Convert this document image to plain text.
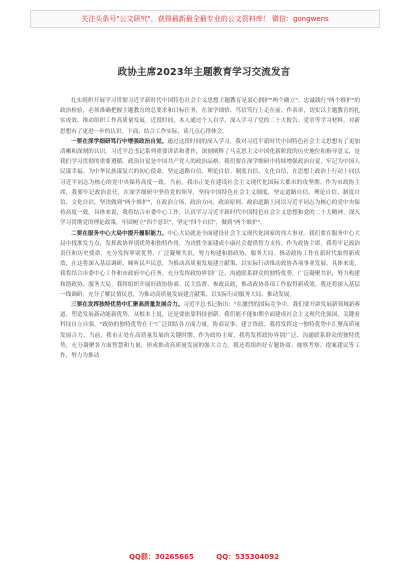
关注头条号"公文研究"，获得最新最全最专业的公文资料库！ 微信：gongwens
政协主席2023年主题教育学习交流发言

扎实组织开展学习贯彻习近平新时代中国特色社会主义思想主题教育是衷心拥护"两个确立"、忠诚践行"两个维护"的政治检验，必须准确把握主题教育的总要求和目标任务，在深学细悟、笃信笃行上走在前。作表率，切实以主题教育的扎实成效，推动组织工作高质量发展。近段时间，本人通过个人自学，深入学习了党的二十大报告、党章等学习材料，对新思想有了更进一步的认识。下面，结合工作实际，谈几点心得体会。

一要在深学细研笃行中增强政治自觉。通过这段时间的深入学习，我对习近平新时代中国特色社会主义思想有了更加清晰和深刻的认识。习近平总书记系列重要讲话和著作，深刻阐释了马克思主义中国化新阶段的历史地位和指导意义，是我们学习贯彻的重要遵循。政治自觉是中国共产党人的政治品格。我们要在深学细研中持续增强政治自觉，牢记为中国人民谋幸福、为中华民族谋复兴的初心使命，坚定道路自信、理论自信、制度自信、文化自信，在思想上政治上行动上同以习近平同志为核心的党中央保持高度一致。当前，我市正处在建设社会主义现代化国际大都市的攻坚期。作为市政协主席，我要牢记政治责任，在深学细研中坚持党的领导，坚持中国特色社会主义制度，坚定道路自信、理论自信、制度自信、文化自信，坚决做到"两个维护"，在政治立场、政治方向、政治原则、政治道路上同以习近平同志为核心的党中央保持高度一致。具体来说，我将结合市委中心工作，认真学习习近平新时代中国特色社会主义思想和党的二十大精神，深入学习贯彻党的理论政策，牢固树立"四个意识"，坚定"四个自信"，做到"两个维护"。

二要在服务中心大局中提升履职能力。中心大局就是全面建设社会主义现代化国家的伟大事业。我们要在服务中心大局中找准发力点，发挥政协界别优势和独特作用，为决胜全面建成小康社会提供智力支持。作为政协主席，我将牢记政治责任和历史使命，充分发挥界别优势，广泛凝聚共识，努力构建和谐政协、服务大局。推动政协工作在新时代取得新成效，在这将深入基层调研，倾听民声民意，为推动高质量发展建言献策，以实际行动推动政协各项事业发展。具体来说，我将结合市委中心工作和市政府中心任务，充分发挥政协界别广泛、沟通联系群众的独特优势，广泛凝聚共识，努力构建和谐政协、服务大局。我将组织开展好政协协商、民主监督、参政议政，推动政协各项工作取得新成效。我还将深入基层一线调研，充分了解民情民意，为推动高质量发展建言献策，以实际行动服务大局、推动发展。

三要在发挥独特优势中汇聚高质量发展合力。习近平总书记指出："在激烈的国际竞争中，我们要开辟发展新领域新赛道、塑造发展新动能新优势，从根本上说，还是要依靠科技创新。我们能不能如期全面建成社会主义现代化强国，关键看科技自立自强。"政协的独特优势在于"广泛团结各方面力量，协商议事、建言资政。我将发挥这一独特优势中汇聚高质量发展合力。当前，我市正处在高质量发展的关键时期。作为政协主席，我将发挥政协界别广泛、沟通联系群众的独特优势，充分凝聚各方面智慧和力量，形成推动高质量发展的强大合力。我还将组织好专题协商、视察考察、提案建议等工作，努力为推动

QQ群：30265665	QQ：535304092
